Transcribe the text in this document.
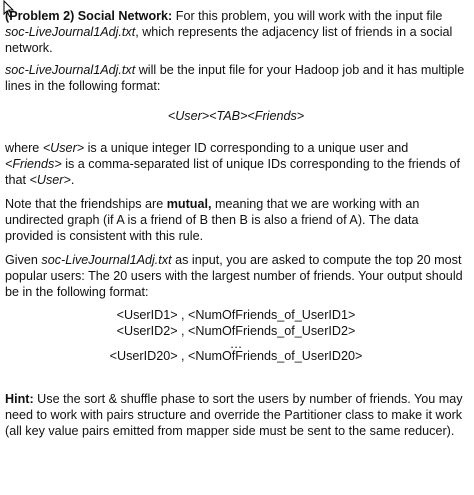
(Problem 2) Social Network: For this problem, you will work with the input file soc-LiveJournal1Adj.txt, which represents the adjacency list of friends in a social network.

soc-LiveJournal1Adj.txt will be the input file for your Hadoop job and it has multiple lines in the following format:

<User><TAB><Friends>

where <User> is a unique integer ID corresponding to a unique user and <Friends> is a comma-separated list of unique IDs corresponding to the friends of that <User>.

Note that the friendships are mutual, meaning that we are working with an undirected graph (if A is a friend of B then B is also a friend of A). The data provided is consistent with this rule.

Given soc-LiveJournal1Adj.txt as input, you are asked to compute the top 20 most popular users: The 20 users with the largest number of friends. Your output should be in the following format:

<UserID1> , <NumOfFriends_of_UserID1>
<UserID2> , <NumOfFriends_of_UserID2>
…
<UserID20> , <NumOfFriends_of_UserID20>

Hint: Use the sort & shuffle phase to sort the users by number of friends. You may need to work with pairs structure and override the Partitioner class to make it work (all key value pairs emitted from mapper side must be sent to the same reducer).
